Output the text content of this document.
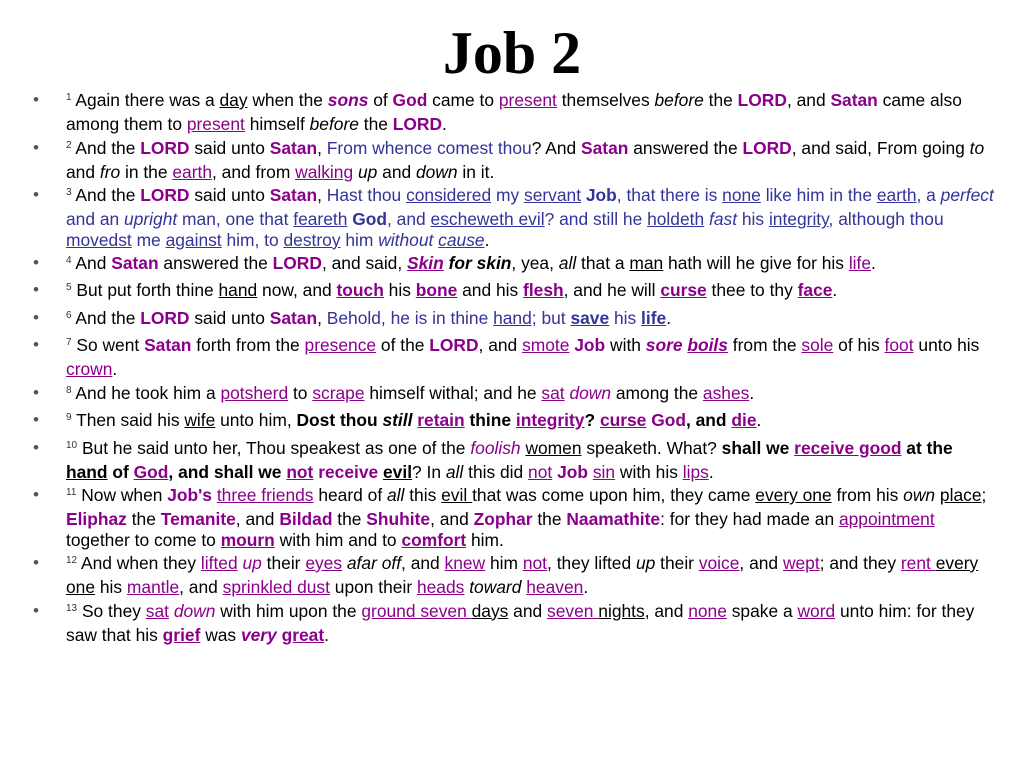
Job 2
• $^1$ Again there was a day when the sons of God came to present themselves before the LORD, and Satan came also among them to present himself before the LORD.
• $^2$ And the LORD said unto Satan, From whence comest thou? And Satan answered the LORD, and said, From going to and fro in the earth, and from walking up and down in it.
• $^3$ And the LORD said unto Satan, Hast thou considered my servant Job, that there is none like him in the earth, a perfect and an upright man, one that feareth God, and escheweth evil? and still he holdeth fast his integrity, although thou movedst me against him, to destroy him without cause.
• $^4$ And Satan answered the LORD, and said, Skin for skin, yea, all that a man hath will he give for his life.
• $^5$ But put forth thine hand now, and touch his bone and his flesh, and he will curse thee to thy face.
• $^6$ And the LORD said unto Satan, Behold, he is in thine hand; but save his life.
• $^7$ So went Satan forth from the presence of the LORD, and smote Job with sore boils from the sole of his foot unto his crown.
• $^8$ And he took him a potsherd to scrape himself withal; and he sat down among the ashes.
• $^9$ Then said his wife unto him, Dost thou still retain thine integrity? curse God, and die.
• $^{10}$ But he said unto her, Thou speakest as one of the foolish women speaketh. What? shall we receive good at the hand of God, and shall we not receive evil? In all this did not Job sin with his lips.
• $^{11}$ Now when Job's three friends heard of all this evil that was come upon him, they came every one from his own place; Eliphaz the Temanite, and Bildad the Shuhite, and Zophar the Naamathite: for they had made an appointment together to come to mourn with him and to comfort him.
• $^{12}$ And when they lifted up their eyes afar off, and knew him not, they lifted up their voice, and wept; and they rent every one his mantle, and sprinkled dust upon their heads toward heaven.
• $^{13}$ So they sat down with him upon the ground seven days and seven nights, and none spake a word unto him: for they saw that his grief was very great.
